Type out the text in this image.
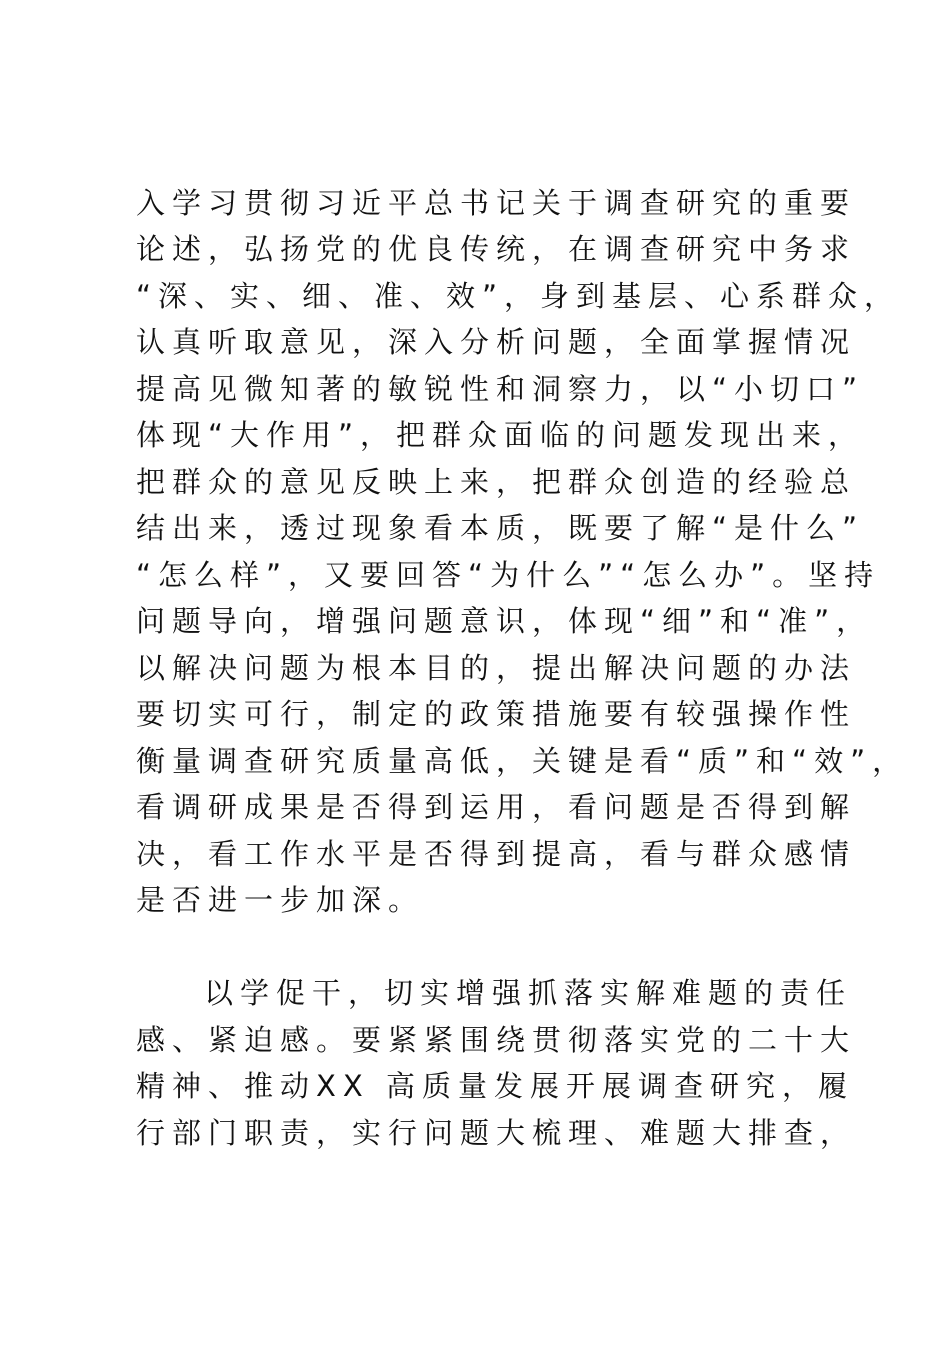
入学习贯彻习近平总书记关于调查研究的重要

论述，弘扬党的优良传统，在调查研究中务求

“深、实、细、准、效”，身到基层、心系群众，

认真听取意见，深入分析问题，全面掌握情况

提高见微知著的敏锐性和洞察力，以“小切口”

体现“大作用”，把群众面临的问题发现出来，

把群众的意见反映上来，把群众创造的经验总

结出来，透过现象看本质，既要了解“是什么”

“怎么样”，又要回答“为什么”“怎么办”。坚持

问题导向，增强问题意识，体现“细”和“准”，

以解决问题为根本目的，提出解决问题的办法

要切实可行，制定的政策措施要有较强操作性

衡量调查研究质量高低，关键是看“质”和“效”，

看调研成果是否得到运用，看问题是否得到解

决，看工作水平是否得到提高，看与群众感情

是否进一步加深。

以学促干，切实增强抓落实解难题的责任

感、紧迫感。要紧紧围绕贯彻落实党的二十大

精神、推动XX 高质量发展开展调查研究，履

行部门职责，实行问题大梳理、难题大排查，
